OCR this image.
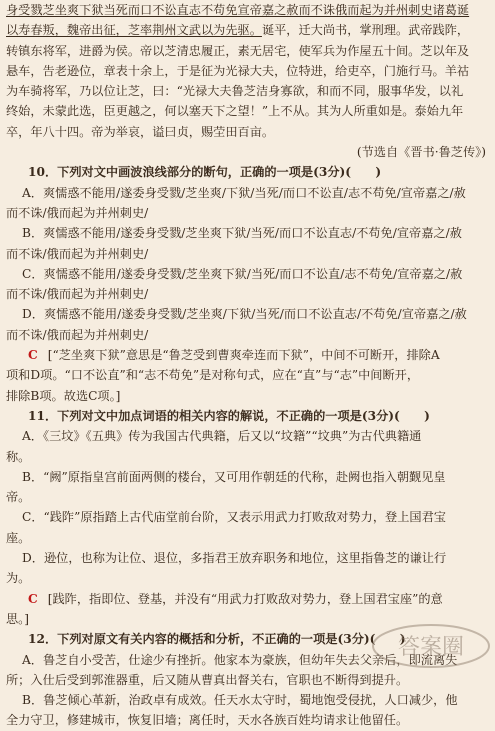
身受戮芝坐爽下狱当死而口不讼直志不苟免宣帝嘉之赦而不诛俄而起为并州刺史诸葛诞

以寿春叛，魏帝出征，芝率荆州文武以为先驱。诞平，迁大尚书，掌刑理。武帝践阼，

转镇东将军，进爵为侯。帝以芝清忠履正，素无居宅，使军兵为作屋五十间。芝以年及

悬车，告老逊位，章表十余上，于是征为光禄大夫，位特进，给吏卒，门施行马。羊祜

为车骑将军，乃以位让芝，曰：“光禄大夫鲁芝洁身寡欲，和而不同，服事华发，以礼

终始，未蒙此选，臣更越之，何以塞天下之望！”上不从。其为人所重如是。泰始九年

卒，年八十四。帝为举哀，谥曰贞，赐茔田百亩。

(节选自《晋书·鲁芝传》)

10．下列对文中画波浪线部分的断句，正确的一项是(3分)(　　)

A．爽懦惑不能用/遂委身受戮/芝坐爽/下狱/当死/而口不讼直/志不苟免/宣帝嘉之/赦

而不诛/俄而起为并州刺史/

B．爽懦惑不能用/遂委身受戮/芝坐爽下狱/当死/而口不讼直志/不苟免/宣帝嘉之/赦

而不诛/俄而起为并州刺史/

C．爽懦惑不能用/遂委身受戮/芝坐爽下狱/当死/而口不讼直/志不苟免/宣帝嘉之/赦

而不诛/俄而起为并州刺史/

D．爽懦惑不能用/遂委身受戮/芝坐爽/下狱/当死/而口不讼直志/不苟免/宣帝嘉之/赦

而不诛/俄而起为并州刺史/

C [“芝坐爽下狱”意思是“鲁芝受到曹爽牵连而下狱”，中间不可断开，排除A

项和D项。“口不讼直”和“志不苟免”是对称句式，应在“直”与“志”中间断开，

排除B项。故选C项。]

11．下列对文中加点词语的相关内容的解说，不正确的一项是(3分)(　　)

A．《三坟》《五典》传为我国古代典籍，后又以“坟籍”“坟典”为古代典籍通

称。

B．“阙”原指皇宫前面两侧的楼台，又可用作朝廷的代称，赴阙也指入朝觐见皇

帝。

C．“践阼”原指踏上古代庙堂前台阶，又表示用武力打败敌对势力，登上国君宝

座。

D．逊位，也称为让位、退位，多指君王放弃职务和地位，这里指鲁芝的谦让行

为。

C [践阼，指即位、登基，并没有“用武力打败敌对势力，登上国君宝座”的意

思。]

12．下列对原文有关内容的概括和分析，不正确的一项是(3分)(　　)

A．鲁芝自小受苦，仕途少有挫折。他家本为豪族，但幼年失去父亲后，即流离失

所；入仕后受到郭淮器重，后又随从曹真出督关右，官职也不断得到提升。

B．鲁芝倾心革新，治政卓有成效。任天水太守时，蜀地饱受侵扰，人口减少，他

全力守卫，修建城市，恢复旧墙；离任时，天水各族百姓均请求让他留任。

答案圈
